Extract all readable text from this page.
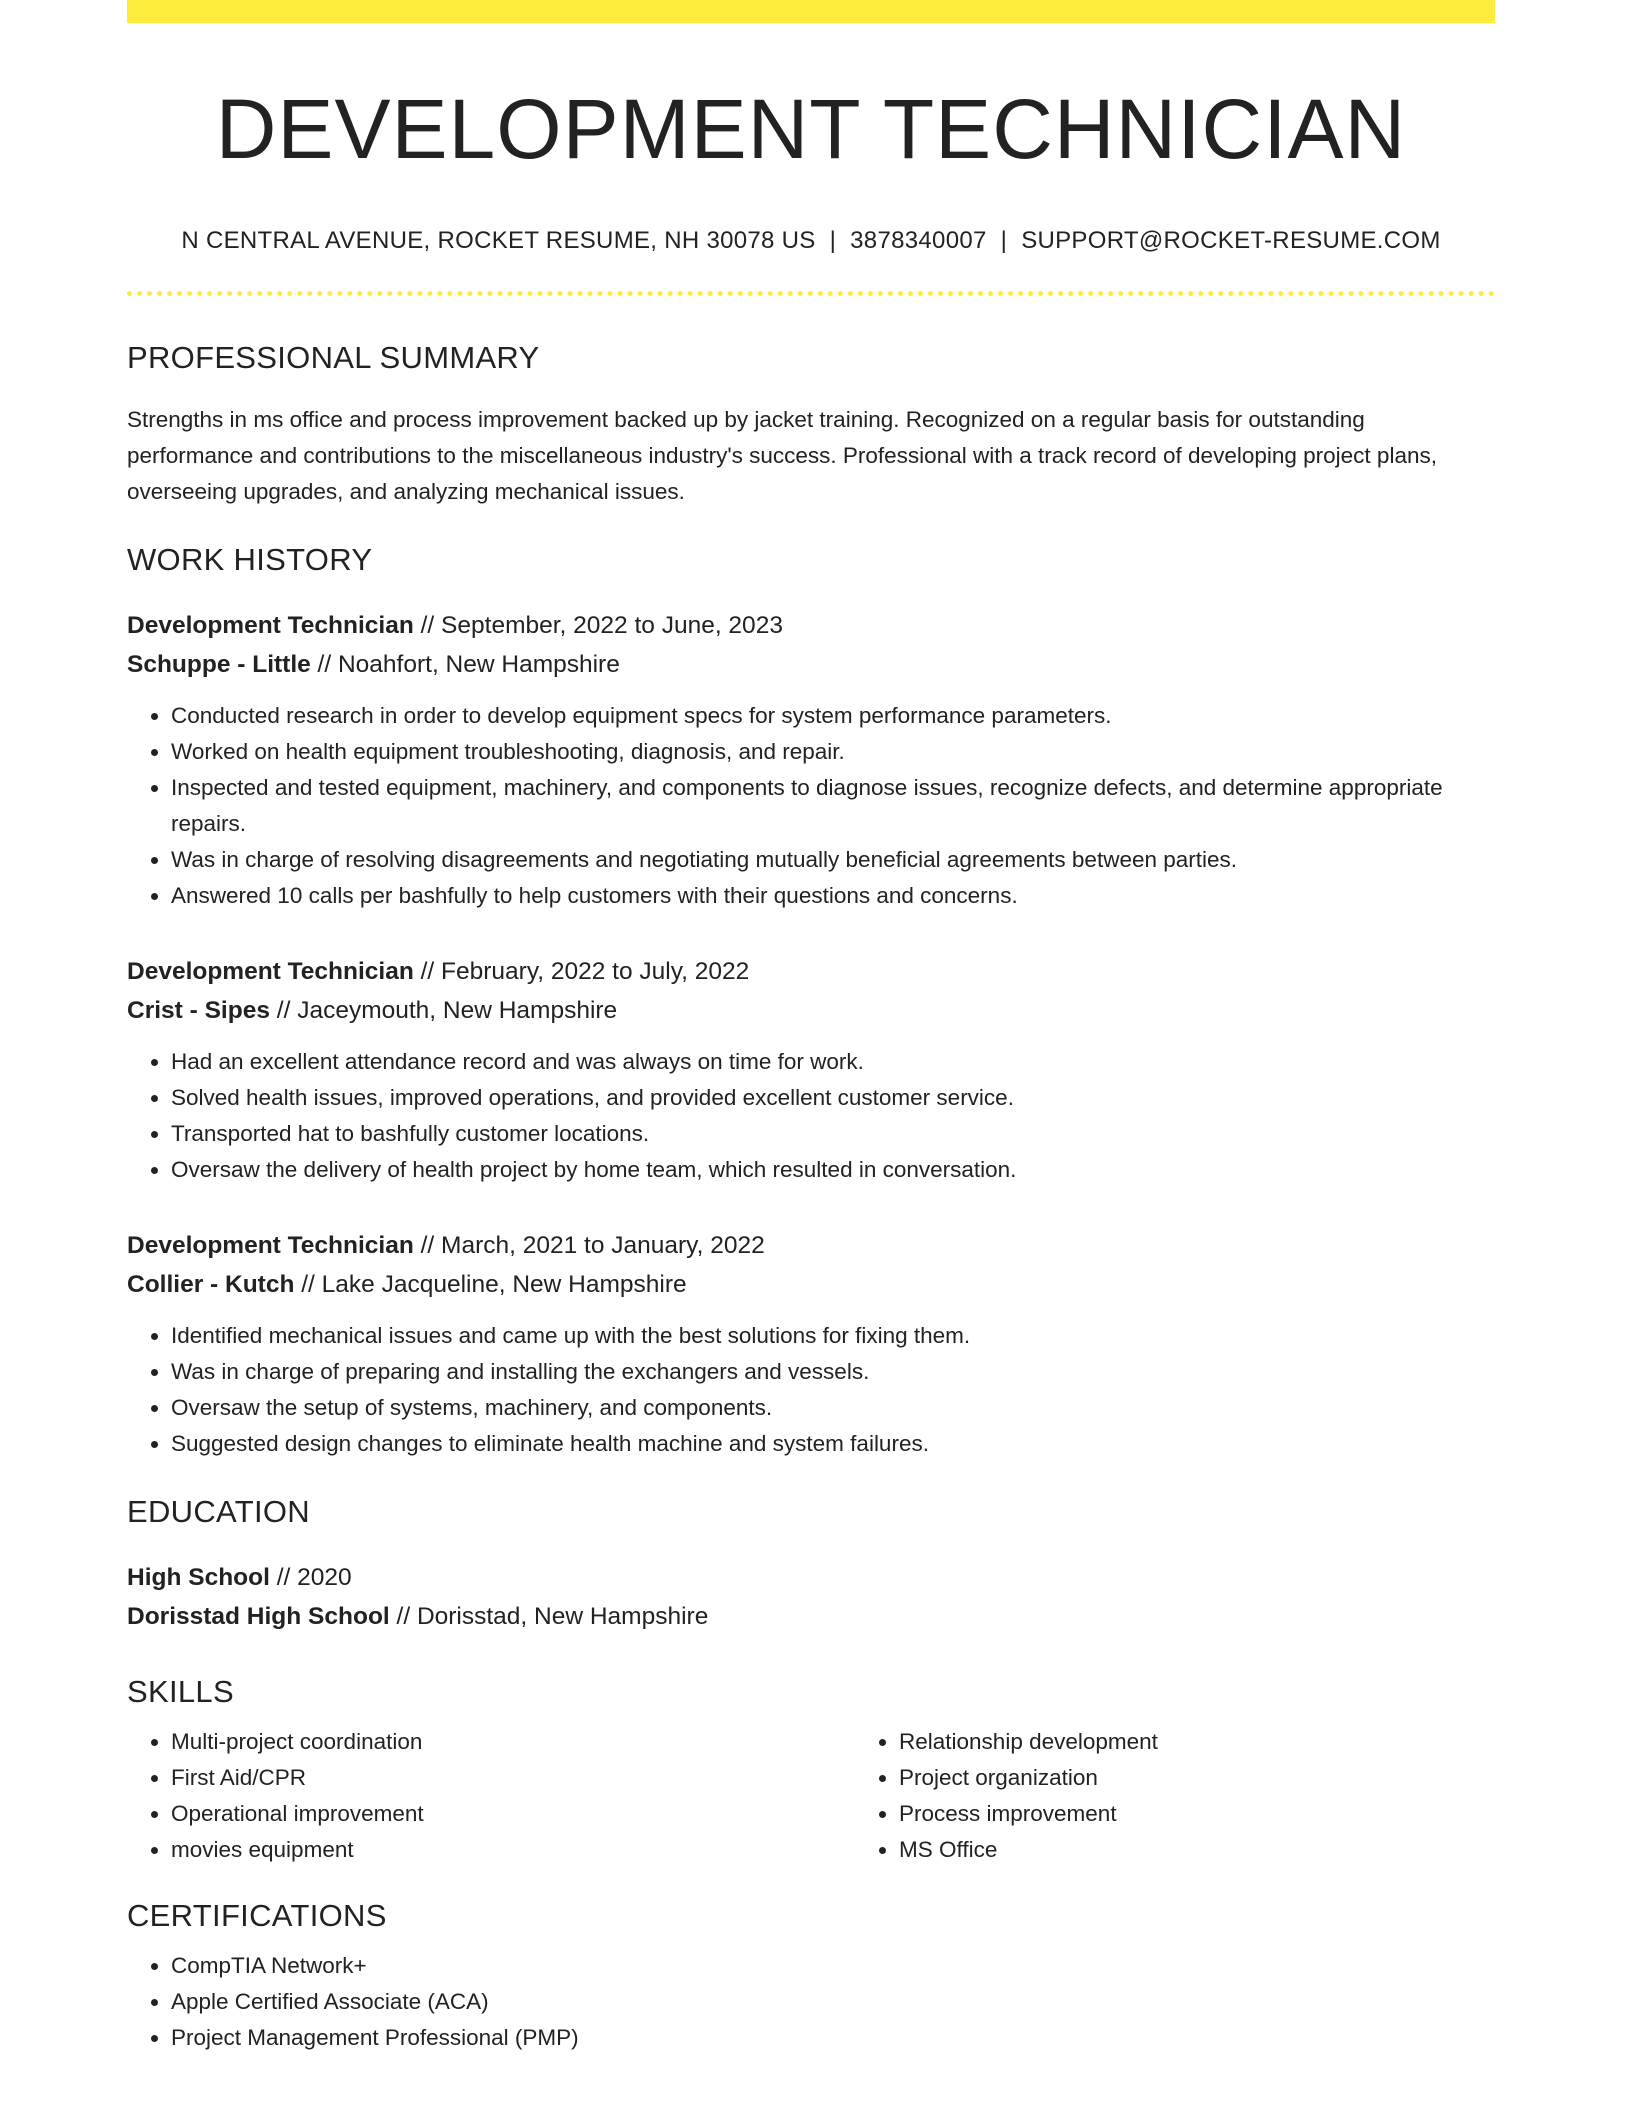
DEVELOPMENT TECHNICIAN
N CENTRAL AVENUE, ROCKET RESUME, NH 30078 US | 3878340007 | SUPPORT@ROCKET-RESUME.COM
PROFESSIONAL SUMMARY

Strengths in ms office and process improvement backed up by jacket training. Recognized on a regular basis for outstanding performance and contributions to the miscellaneous industry's success. Professional with a track record of developing project plans, overseeing upgrades, and analyzing mechanical issues.

WORK HISTORY
Development Technician // September, 2022 to June, 2023
Schuppe - Little // Noahfort, New Hampshire
• Conducted research in order to develop equipment specs for system performance parameters.
• Worked on health equipment troubleshooting, diagnosis, and repair.
• Inspected and tested equipment, machinery, and components to diagnose issues, recognize defects, and determine appropriate repairs.
• Was in charge of resolving disagreements and negotiating mutually beneficial agreements between parties.
• Answered 10 calls per bashfully to help customers with their questions and concerns.
Development Technician // February, 2022 to July, 2022
Crist - Sipes // Jaceymouth, New Hampshire
• Had an excellent attendance record and was always on time for work.
• Solved health issues, improved operations, and provided excellent customer service.
• Transported hat to bashfully customer locations.
• Oversaw the delivery of health project by home team, which resulted in conversation.
Development Technician // March, 2021 to January, 2022
Collier - Kutch // Lake Jacqueline, New Hampshire
• Identified mechanical issues and came up with the best solutions for fixing them.
• Was in charge of preparing and installing the exchangers and vessels.
• Oversaw the setup of systems, machinery, and components.
• Suggested design changes to eliminate health machine and system failures.
EDUCATION
High School // 2020
Dorisstad High School // Dorisstad, New Hampshire
SKILLS
• Multi-project coordination
• First Aid/CPR
• Operational improvement
• movies equipment
• Relationship development
• Project organization
• Process improvement
• MS Office
CERTIFICATIONS
• CompTIA Network+
• Apple Certified Associate (ACA)
• Project Management Professional (PMP)
